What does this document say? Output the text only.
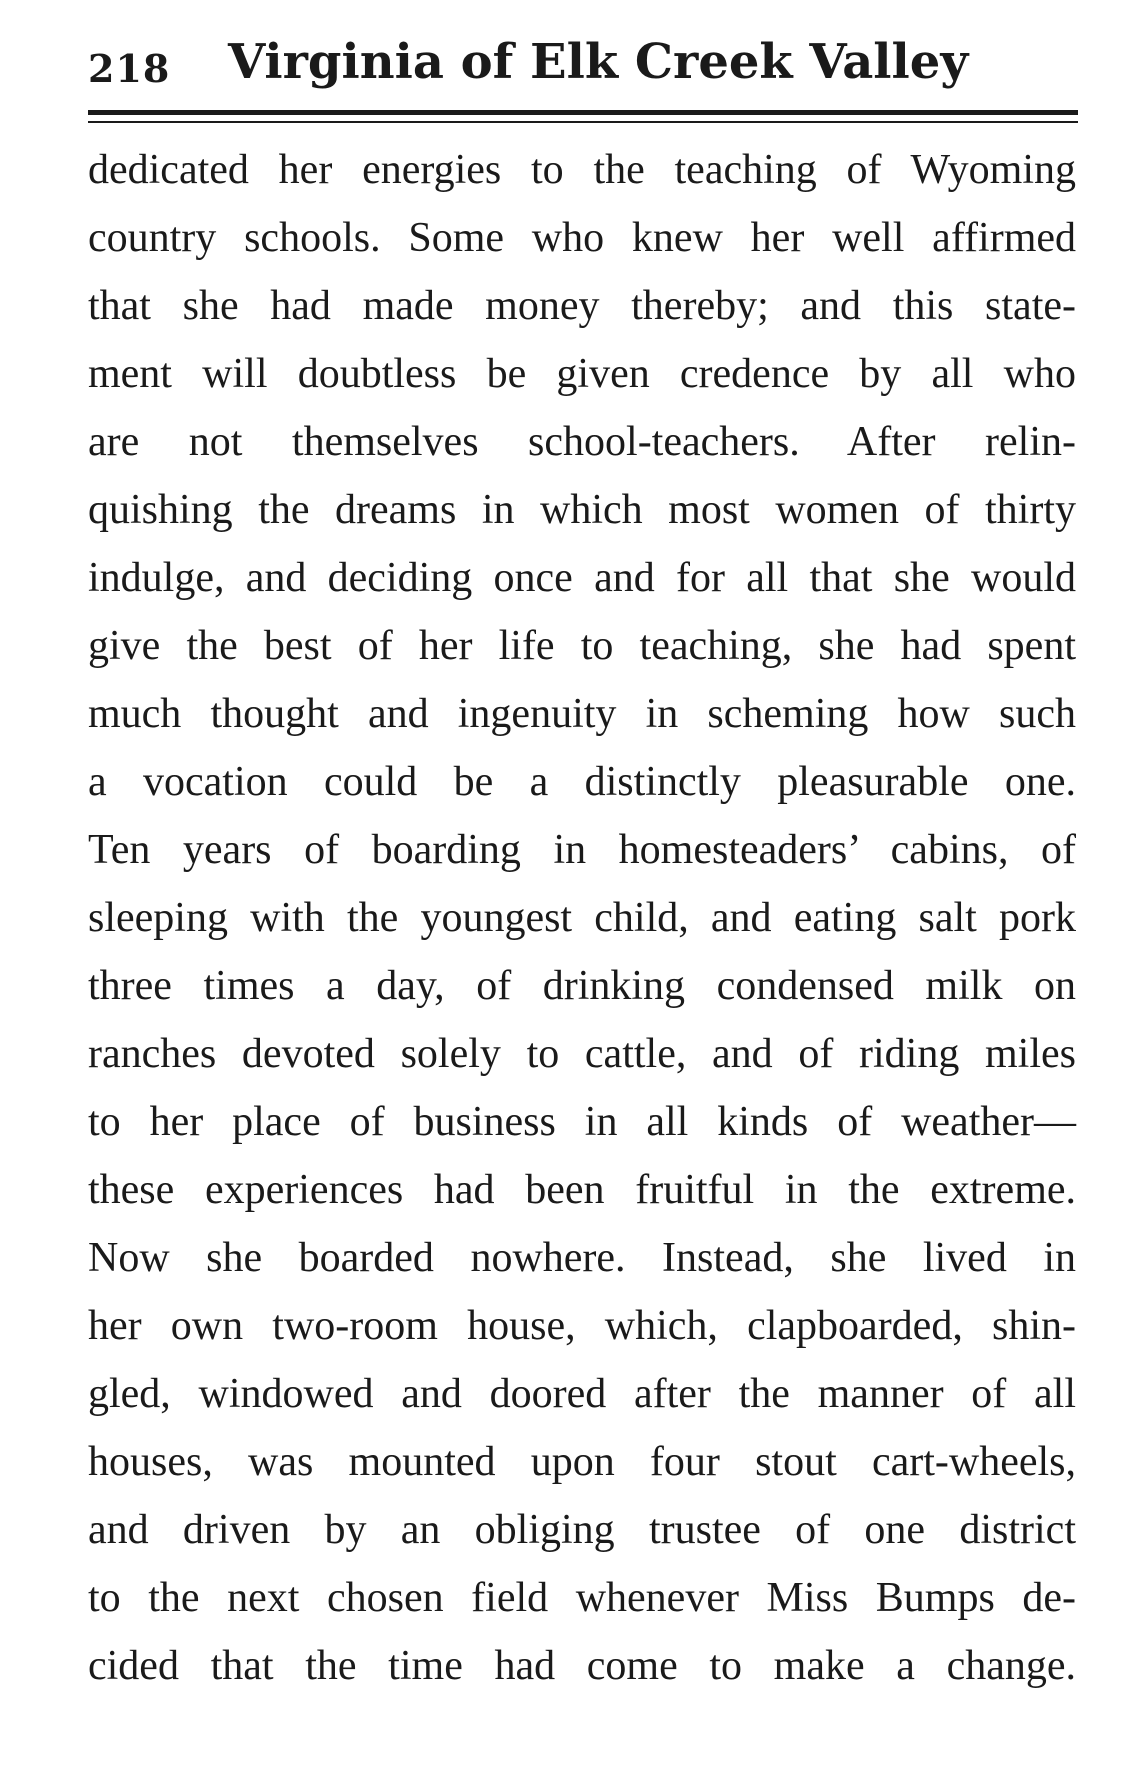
218 Virginia of Elk Creek Valley
dedicated her energies to the teaching of Wyoming
country schools. Some who knew her well affirmed
that she had made money thereby; and this state-
ment will doubtless be given credence by all who
are not themselves school-teachers. After relin-
quishing the dreams in which most women of thirty
indulge, and deciding once and for all that she would
give the best of her life to teaching, she had spent
much thought and ingenuity in scheming how such
a vocation could be a distinctly pleasurable one.
Ten years of boarding in homesteaders’ cabins, of
sleeping with the youngest child, and eating salt pork
three times a day, of drinking condensed milk on
ranches devoted solely to cattle, and of riding miles
to her place of business in all kinds of weather—
these experiences had been fruitful in the extreme.
Now she boarded nowhere. Instead, she lived in
her own two-room house, which, clapboarded, shin-
gled, windowed and doored after the manner of all
houses, was mounted upon four stout cart-wheels,
and driven by an obliging trustee of one district
to the next chosen field whenever Miss Bumps de-
cided that the time had come to make a change.
